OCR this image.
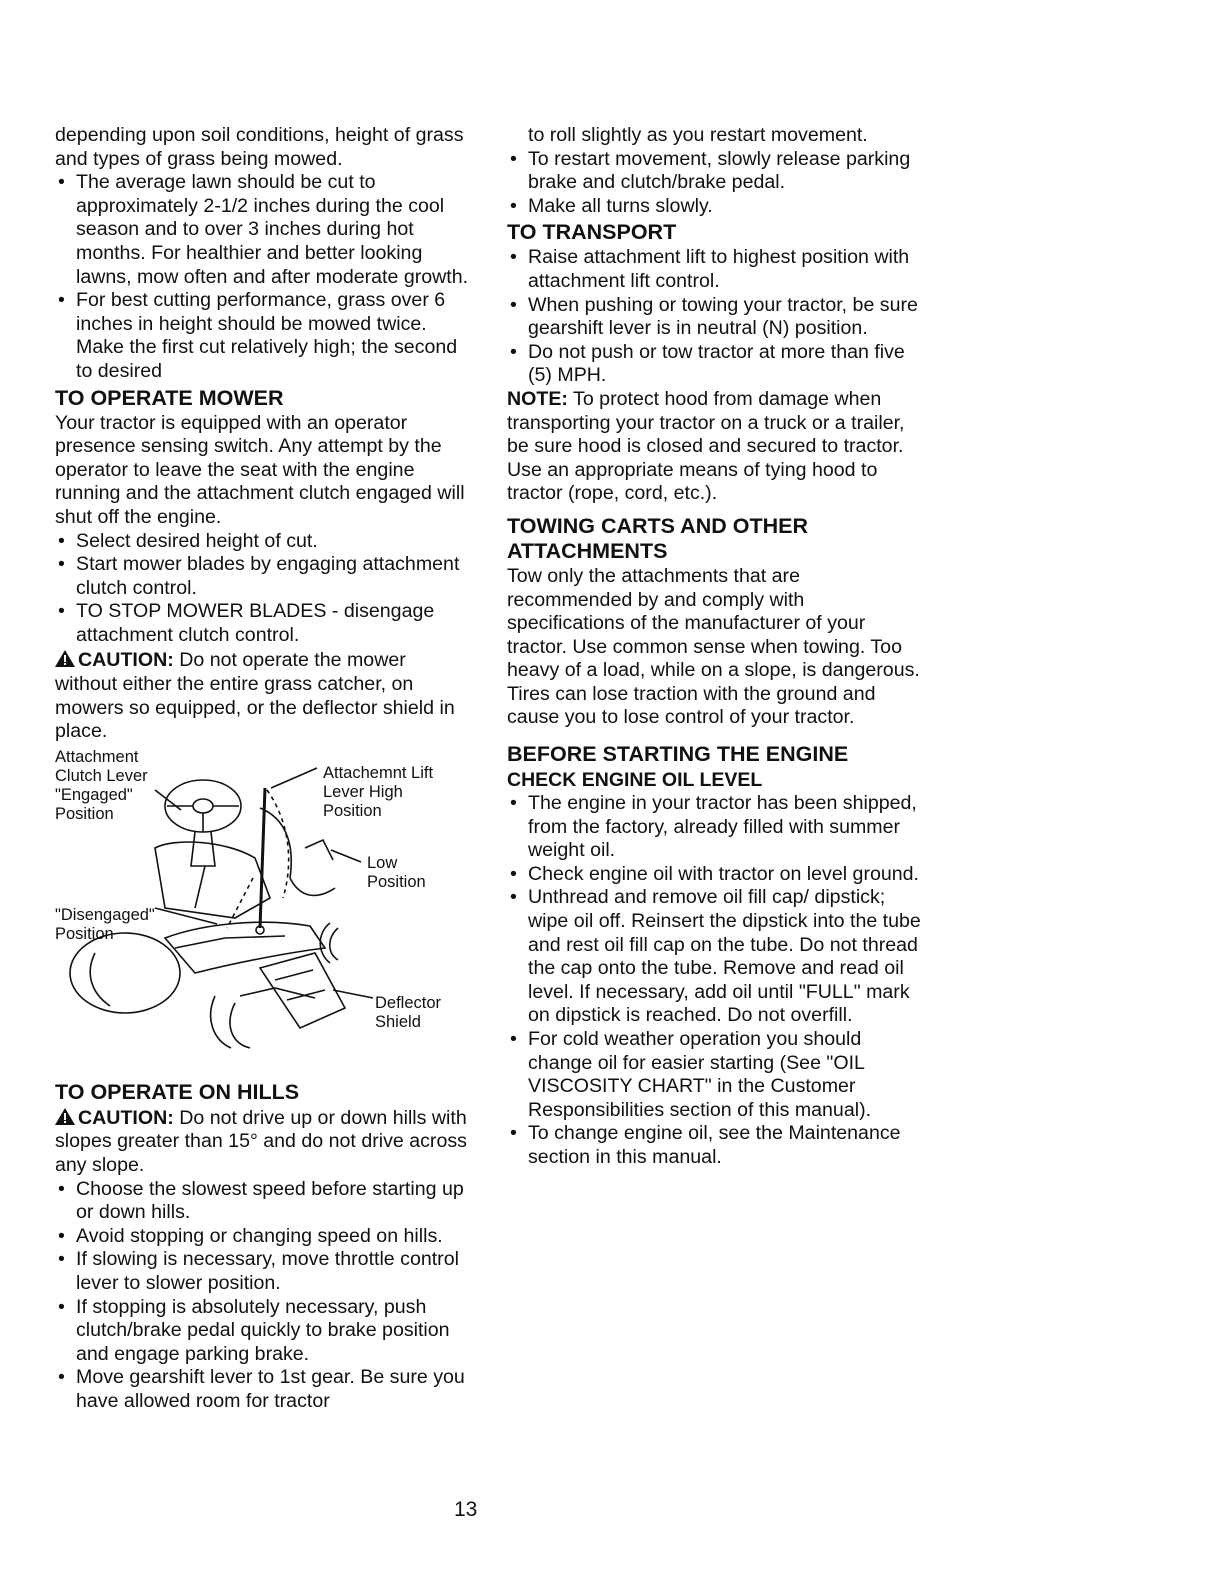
depending upon soil conditions, height of grass and types of grass being mowed.

• The average lawn should be cut to approximately 2-1/2 inches during the cool season and to over 3 inches during hot months. For healthier and better looking lawns, mow often and after moderate growth.

• For best cutting performance, grass over 6 inches in height should be mowed twice. Make the first cut relatively high; the second to desired

TO OPERATE MOWER

Your tractor is equipped with an operator presence sensing switch. Any attempt by the operator to leave the seat with the engine running and the attachment clutch engaged will shut off the engine.

• Select desired height of cut.

• Start mower blades by engaging attachment clutch control.

• TO STOP MOWER BLADES - disengage attachment clutch control.

CAUTION: Do not operate the mower without either the entire grass catcher, on mowers so equipped, or the deflector shield in place.
Attachment Clutch Lever "Engaged" Position
Attachemnt Lift Lever High Position
Low Position
"Disengaged" Position
Deflector Shield
TO OPERATE ON HILLS
CAUTION: Do not drive up or down hills with slopes greater than 15° and do not drive across any slope.

• Choose the slowest speed before starting up or down hills.

• Avoid stopping or changing speed on hills.

• If slowing is necessary, move throttle control lever to slower position.

• If stopping is absolutely necessary, push clutch/brake pedal quickly to brake position and engage parking brake.

• Move gearshift lever to 1st gear. Be sure you have allowed room for tractor

to roll slightly as you restart movement.

• To restart movement, slowly release parking brake and clutch/brake pedal.

• Make all turns slowly.

TO TRANSPORT

• Raise attachment lift to highest position with attachment lift control.

• When pushing or towing your tractor, be sure gearshift lever is in neutral (N) position.

• Do not push or tow tractor at more than five (5) MPH.

NOTE: To protect hood from damage when transporting your tractor on a truck or a trailer, be sure hood is closed and secured to tractor. Use an appropriate means of tying hood to tractor (rope, cord, etc.).

TOWING CARTS AND OTHER ATTACHMENTS

Tow only the attachments that are recommended by and comply with specifications of the manufacturer of your tractor. Use common sense when towing. Too heavy of a load, while on a slope, is dangerous. Tires can lose traction with the ground and cause you to lose control of your tractor.

BEFORE STARTING THE ENGINE
CHECK ENGINE OIL LEVEL

• The engine in your tractor has been shipped, from the factory, already filled with summer weight oil.

• Check engine oil with tractor on level ground.

• Unthread and remove oil fill cap/ dipstick; wipe oil off. Reinsert the dipstick into the tube and rest oil fill cap on the tube. Do not thread the cap onto the tube. Remove and read oil level. If necessary, add oil until "FULL" mark on dipstick is reached. Do not overfill.

• For cold weather operation you should change oil for easier starting (See "OIL VISCOSITY CHART" in the Customer Responsibilities section of this manual).

• To change engine oil, see the Maintenance section in this manual.

13
